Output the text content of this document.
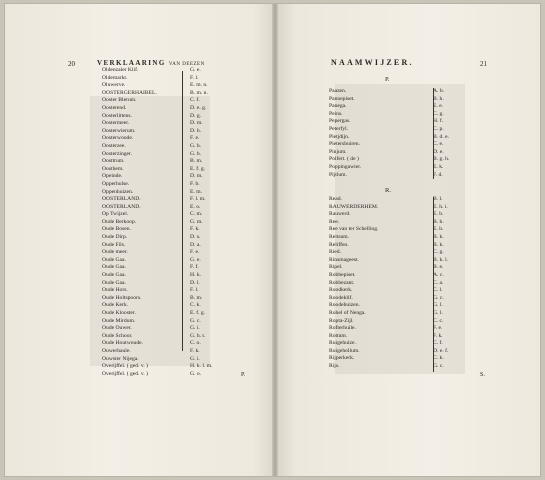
20	VERKLAARING VAN DEEZEN
Oldenzaler Klif.	G. e.
Oldemarkt.	F. l.
Oluwerve.	E. m. n.
OOSTERGERHAIBEL.	B. m. n.
Ooster Blerum.	C. f.
Oosterend.	D. e. g.
Oosterlittens.	D. g.
Oostermeer.	D. m.
Oosterwierum.	D. h.
Oosterwoude.	F. e.
Oosterzee.	G. h.
Oosterzinger.	G. h.
Oosttrum.	B. m.
Oosthem.	E. f. g.
Opeinde.	D. m.
Opperhulse.	F. b.
Oppenhuizen.	E. m.
OOSTERLAND.	F. l. m.
OOSTERLAND.	E. o.
Op Twijzel.	C. m.
Oude Berkoop.	G. m.
Oude Bosen.	F. k.
Oude Dirp.	D. s.
Oude Fils.	D. a.
Oude meer.	F. e.
Oude Gaa.	G. e.
Oude Gaa.	F. f.
Oude Gaa.	H. k.
Oude Gaa.	D. l.
Oude Hors.	F. l.
Oude Holtspoors.	B. m.
Oude Kerk.	C. k.
Oude Klooster.	E. f. g.
Oude Mirdum.	G. c.
Oude Ouwer.	G. i.
Oude Schoor.	G. h. t.
Oude Houtwoude.	C. o.
Ouwerhaule.	F. k.
Ouwster Nijega.	G. i.
Overijffel. ( ged. v. )	H. k. l. m.
Overijffel. ( ged. v. )	G. o.	P.
NAAMWIJZER.	21
P.
Paazen.	A. b.
Pannepiset.	B. h.
Panega.	E. e.
Peins.	C. g.
Pepergas.	H. f.
Peterfyl.	C. p.
Pietjdijn.	B. d. e.
Pietersbuiren.	C. e.
Pinjum.	D. e.
Polfert. ( de )	B. g. h.
Poppingawier.	E. k.
Pijtlum.	F. d.
R.
Read.	B. l.
RAUWERDERHEM.	E. h. i.
Rauwerd.	E. b.
Ree.	B. h.
Ree van ter Schelling.	E. b.
Reitsum.	B. k.
Reliffen.	B. k.
Ried.	C. g.
Rinsmageest.	B. k. l.
Ripel.	B. e.
Robbepiset.	A. c.
Robbezant.	C. a.
Roodkerk.	C. l.
Roodeklif.	G. c.
Roodehuizen.	G. l.
Rohel of Nenga.	G. l.
Ropta-Zijl.	C. c.
Rofterhuile.	F. e.
Rottum.	F. k.
Ruigehuize.	C. f.
Ruigehollum.	D. e. f.
Rijperkerk.	C. k.
Rijs.	G. c.
S.
